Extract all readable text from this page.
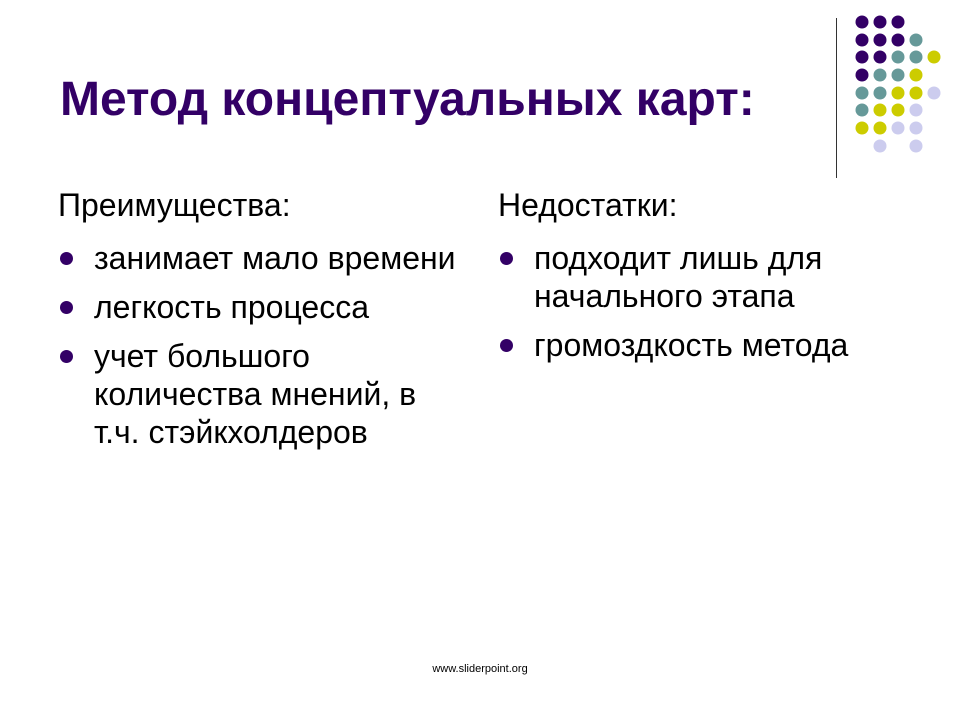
Метод концептуальных карт:

Преимущества:

занимает мало времени
легкость процесса
учет большого количества мнений, в т.ч. стэйкхолдеров

Недостатки:

подходит лишь для начального этапа
громоздкость метода
www.sliderpoint.org
